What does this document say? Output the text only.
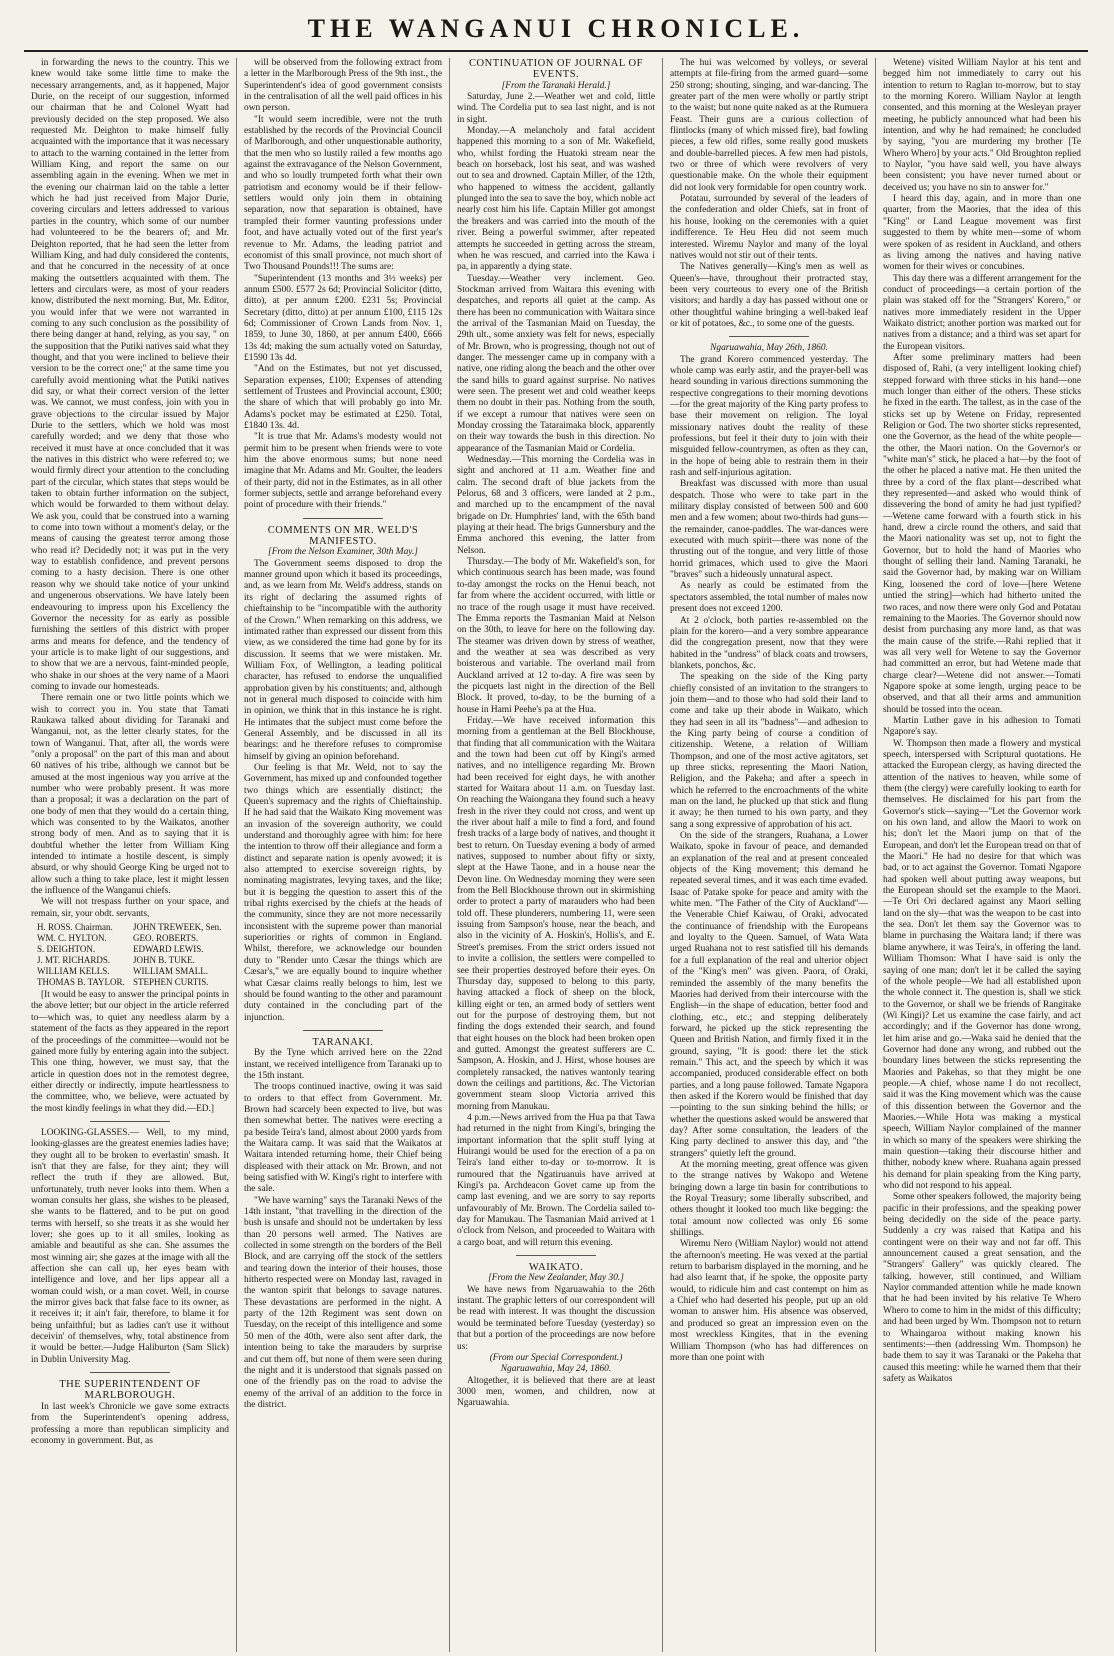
THE WANGANUI CHRONICLE.

in forwarding the news to the country. This we knew would take some little time to make the necessary arrangements, and, as it happened, Major Durie, on the receipt of our suggestion, informed our chairman that he and Colonel Wyatt had previously decided on the step proposed. We also requested Mr. Deighton to make himself fully acquainted with the importance that it was necessary to attach to the warning contained in the letter from William King, and report the same on our assembling again in the evening. When we met in the evening our chairman laid on the table a letter which he had just received from Major Durie, covering circulars and letters addressed to various parties in the country, which some of our number had volunteered to be the bearers of; and Mr. Deighton reported, that he had seen the letter from William King, and had duly considered the contents, and that he concurred in the necessity of at once making the outsettlers acquainted with them. The letters and circulars were, as most of your readers know, distributed the next morning. But, Mr. Editor, you would infer that we were not warranted in coming to any such conclusion as the possibility of there being danger at hand, relying, as you say, " on the supposition that the Putiki natives said what they thought, and that you were inclined to believe their version to be the correct one;" at the same time you carefully avoid mentioning what the Putiki natives did say, or what their correct version of the letter was. We cannot, we must confess, join with you in grave objections to the circular issued by Major Durie to the settlers, which we hold was most carefully worded; and we deny that those who received it must have at once concluded that it was the natives in this district who were referred to; we would firmly direct your attention to the concluding part of the circular, which states that steps would be taken to obtain further information on the subject, which would be forwarded to them without delay. We ask you, could that be construed into a warning to come into town without a moment's delay, or the means of causing the greatest terror among those who read it? Decidedly not; it was put in the very way to establish confidence, and prevent persons coming to a hasty decision. There is one other reason why we should take notice of your unkind and ungenerous observations. We have lately been endeavouring to impress upon his Excellency the Governor the necessity for as early as possible furnishing the settlers of this district with proper arms and means for defence, and the tendency of your article is to make light of our suggestions, and to show that we are a nervous, faint-minded people, who shake in our shoes at the very name of a Maori coming to invade our homesteads.

There remain one or two little points which we wish to correct you in. You state that Tamati Raukawa talked about dividing for Taranaki and Wanganui, not, as the letter clearly states, for the town of Wanganui. That, after all, the words were "only a proposal" on the part of this man and about 60 natives of his tribe, although we cannot but be amused at the most ingenious way you arrive at the number who were probably present. It was more than a proposal; it was a declaration on the part of one body of men that they would do a certain thing, which was consented to by the Waikatos, another strong body of men. And as to saying that it is doubtful whether the letter from William King intended to intimate a hostile descent, is simply absurd, or why should George King be urged not to allow such a thing to take place, lest it might lessen the influence of the Wanganui chiefs.

We will not trespass further on your space, and remain, sir, your obdt. servants,

H. ROSS. Chairman.	JOHN TREWEEK, Sen.
WM. C. HYLTON.	GEO. ROBERTS.
S. DEIGHTON.	EDWARD LEWIS.
J. MT. RICHARDS.	JOHN B. TUKE.
WILLIAM KELLS.	WILLIAM SMALL.
THOMAS B. TAYLOR. STEPHEN CURTIS.

[It would be easy to answer the principal points in the above letter; but our object in the article referred to—which was, to quiet any needless alarm by a statement of the facts as they appeared in the report of the proceedings of the committee—would not be gained more fully by entering again into the subject. This one thing, however, we must say, that the article in question does not in the remotest degree, either directly or indirectly, impute heartlessness to the committee, who, we believe, were actuated by the most kindly feelings in what they did.—ED.]

LOOKING-GLASSES.— Well, to my mind, looking-glasses are the greatest enemies ladies have; they ought all to be broken to everlastin' smash. It isn't that they are false, for they aint; they will reflect the truth if they are allowed. But, unfortunately, truth never looks into them. When a woman consults her glass, she wishes to be pleased, she wants to be flattered, and to be put on good terms with herself, so she treats it as she would her lover; she goes up to it all smiles, looking as amiable and beautiful as she can. She assumes the most winning air; she gazes at the image with all the affection she can call up, her eyes beam with intelligence and love, and her lips appear all a woman could wish, or a man covet. Well, in course the mirror gives back that false face to its owner, as it receives it; it ain't fair, therefore, to blame it for being unfaithful; but as ladies can't use it without deceivin' of themselves, why, total abstinence from it would be better.—Judge Haliburton (Sam Slick) in Dublin University Mag.

THE SUPERINTENDENT OF MARLBOROUGH.

In last week's Chronicle we gave some extracts from the Superintendent's opening address, professing a more than republican simplicity and economy in government. But, as

will be observed from the following extract from a letter in the Marlborough Press of the 9th inst., the Superintendent's idea of good government consists in the centralisation of all the well paid offices in his own person.

"It would seem incredible, were not the truth established by the records of the Provincial Council of Marlborough, and other unquestionable authority, that the men who so lustily railed a few months ago against the extravagance of the Nelson Government, and who so loudly trumpeted forth what their own patriotism and economy would be if their fellow-settlers would only join them in obtaining separation, now that separation is obtained, have trampled their former vaunting professions under foot, and have actually voted out of the first year's revenue to Mr. Adams, the leading patriot and economist of this small province, not much short of Two Thousand Pounds!!! The sums are:

"Superintendent (13 months and 3½ weeks) per annum £500. £577 2s 6d; Provincial Solicitor (ditto, ditto), at per annum £200. £231 5s; Provincial Secretary (ditto, ditto) at per annum £100, £115 12s 6d; Commissioner of Crown Lands from Nov. 1, 1859, to June 30, 1860, at per annum £400, £666 13s 4d; making the sum actually voted on Saturday, £1590 13s 4d.

"And on the Estimates, but not yet discussed, Separation expenses, £100; Expenses of attending settlement of Trustees and Provincial account, £300; the share of which that will probably go into Mr. Adams's pocket may be estimated at £250. Total, £1840 13s. 4d.

"It is true that Mr. Adams's modesty would not permit him to be present when friends were to vote him the above enormous sums; but none need imagine that Mr. Adams and Mr. Goulter, the leaders of their party, did not in the Estimates, as in all other former subjects, settle and arrange beforehand every point of procedure with their friends."

COMMENTS ON MR. WELD'S MANIFESTO.

[From the Nelson Examiner, 30th May.]

The Government seems disposed to drop the manner ground upon which it based its proceedings, and, as we learn from Mr. Weld's address, stands on its right of declaring the assumed rights of chieftainship to be "incompatible with the authority of the Crown." When remarking on this address, we intimated rather than expressed our dissent from this view, as we considered the time had gone by for its discussion. It seems that we were mistaken. Mr. William Fox, of Wellington, a leading political character, has refused to endorse the unqualified approbation given by his constituents; and, although not in general much disposed to coincide with him in opinion, we think that in this instance he is right. He intimates that the subject must come before the General Assembly, and be discussed in all its bearings: and he therefore refuses to compromise himself by giving an opinion beforehand.

Our feeling is that Mr. Weld, not to say the Government, has mixed up and confounded together two things which are essentially distinct; the Queen's supremacy and the rights of Chieftainship. If he had said that the Waikato King movement was an invasion of the sovereign authority, we could understand and thoroughly agree with him: for here the intention to throw off their allegiance and form a distinct and separate nation is openly avowed; it is also attempted to exercise sovereign rights, by nominating magistrates, levying taxes, and the like; but it is begging the question to assert this of the tribal rights exercised by the chiefs at the heads of the community, since they are not more necessarily inconsistent with the supreme power than manorial superiorities or rights of common in England. Whilst, therefore, we acknowledge our bounden duty to "Render unto Cæsar the things which are Cæsar's," we are equally bound to inquire whether what Cæsar claims really belongs to him, lest we should be found wanting to the other and paramount duty contained in the concluding part of the injunction.

TARANAKI.

By the Tyne which arrived here on the 22nd instant, we received intelligence from Taranaki up to the 15th instant.

The troops continued inactive, owing it was said to orders to that effect from Government. Mr. Brown had scarcely been expected to live, but was then somewhat better. The natives were erecting a pa beside Teira's land, almost about 2000 yards from the Waitara camp. It was said that the Waikatos at Waitara intended returning home, their Chief being displeased with their attack on Mr. Brown, and not being satisfied with W. Kingi's right to interfere with the sale.

"We have warning" says the Taranaki News of the 14th instant, "that travelling in the direction of the bush is unsafe and should not be undertaken by less than 20 persons well armed. The Natives are collected in some strength on the borders of the Bell Block, and are carrying off the stock of the settlers and tearing down the interior of their houses, those hitherto respected were on Monday last, ravaged in the wanton spirit that belongs to savage natures. These devastations are performed in the night. A party of the 12th Regiment was sent down on Tuesday, on the receipt of this intelligence and some 50 men of the 40th, were also sent after dark, the intention being to take the marauders by surprise and cut them off, but none of them were seen during the night and it is understood that signals passed on one of the friendly pas on the road to advise the enemy of the arrival of an addition to the force in the district.

CONTINUATION OF JOURNAL OF EVENTS.

[From the Taranaki Herald.]

Saturday, June 2.—Weather wet and cold, little wind. The Cordelia put to sea last night, and is not in sight.

Monday.—A melancholy and fatal accident happened this morning to a son of Mr. Wakefield, who, whilst fording the Huatoki stream near the beach on horseback, lost his seat, and was washed out to sea and drowned. Captain Miller, of the 12th, who happened to witness the accident, gallantly plunged into the sea to save the boy, which noble act nearly cost him his life. Captain Miller got amongst the breakers and was carried into the mouth of the river. Being a powerful swimmer, after repeated attempts he succeeded in getting across the stream, when he was rescued, and carried into the Kawa i pa, in apparently a dying state.

Tuesday.—Weather very inclement. Geo. Stockman arrived from Waitara this evening with despatches, and reports all quiet at the camp. As there has been no communication with Waitara since the arrival of the Tasmanian Maid on Tuesday, the 29th ult., some anxiety was felt for news, especially of Mr. Brown, who is progressing, though not out of danger. The messenger came up in company with a native, one riding along the beach and the other over the sand hills to guard against surprise. No natives were seen. The present wet and cold weather keeps them no doubt in their pas. Nothing from the south, if we except a rumour that natives were seen on Monday crossing the Tataraimaka block, apparently on their way towards the bush in this direction. No appearance of the Tasmanian Maid or Cordelia.

Wednesday.—This morning the Cordelia was in sight and anchored at 11 a.m. Weather fine and calm. The second draft of blue jackets from the Pelorus, 68 and 3 officers, were landed at 2 p.m., and marched up to the encampment of the naval brigade on Dr. Humphries' land, with the 65th band playing at their head. The brigs Gunnersbury and the Emma anchored this evening, the latter from Nelson.

Thursday.—The body of Mr. Wakefield's son, for which continuous search has been made, was found to-day amongst the rocks on the Henui beach, not far from where the accident occurred, with little or no trace of the rough usage it must have received. The Emma reports the Tasmanian Maid at Nelson on the 30th, to leave for here on the following day. The steamer was driven down by stress of weather, and the weather at sea was described as very boisterous and variable. The overland mail from Auckland arrived at 12 to-day. A fire was seen by the picquets last night in the direction of the Bell Block. It proved, to-day, to be the burning of a house in Hami Peehe's pa at the Hua.

Friday.—We have received information this morning from a gentleman at the Bell Blockhouse, that finding that all communication with the Waitara and the town had been cut off by Kingi's armed natives, and no intelligence regarding Mr. Brown had been received for eight days, he with another started for Waitara about 11 a.m. on Tuesday last. On reaching the Waiongana they found such a heavy fresh in the river they could not cross, and went up the river about half a mile to find a ford, and found fresh tracks of a large body of natives, and thought it best to return. On Tuesday evening a body of armed natives, supposed to number about fifty or sixty, slept at the Hawe Taone, and in a house near the Devon line. On Wednesday morning they were seen from the Bell Blockhouse thrown out in skirmishing order to protect a party of marauders who had been told off. These plunderers, numbering 11, were seen issuing from Sampson's house, near the beach, and also in the vicinity of A. Hoskin's, Hollis's, and E. Street's premises. From the strict orders issued not to invite a collision, the settlers were compelled to see their properties destroyed before their eyes. On Thursday day, supposed to belong to this party, having attacked a flock of sheep on the block, killing eight or ten, an armed body of settlers went out for the purpose of destroying them, but not finding the dogs extended their search, and found that eight houses on the block had been broken open and gutted. Amongst the greatest sufferers are C. Sampson, A. Hoskin, and J. Hirst, whose houses are completely ransacked, the natives wantonly tearing down the ceilings and partitions, &c. The Victorian government steam sloop Victoria arrived this morning from Manukau.

4 p.m.—News arrived from the Hua pa that Tawa had returned in the night from Kingi's, bringing the important information that the split stuff lying at Huirangi would be used for the erection of a pa on Teira's land either to-day or to-morrow. It is rumoured that the Ngatiruanuis have arrived at Kingi's pa. Archdeacon Govet came up from the camp last evening, and we are sorry to say reports unfavourably of Mr. Brown. The Cordelia sailed to-day for Manukau. The Tasmanian Maid arrived at 1 o'clock from Nelson, and proceeded to Waitara with a cargo boat, and will return this evening.

WAIKATO.

[From the New Zealander, May 30.]

We have news from Ngaruawahia to the 26th instant. The graphic letters of our correspondent will be read with interest. It was thought the discussion would be terminated before Tuesday (yesterday) so that but a portion of the proceedings are now before us:

(From our Special Correspondent.)

Ngaruawahia, May 24, 1860.

Altogether, it is believed that there are at least 3000 men, women, and children, now at Ngaruawahia.

The hui was welcomed by volleys, or several attempts at file-firing from the armed guard—some 250 strong; shouting, singing, and war-dancing. The greater part of the men were wholly or partly stript to the waist; but none quite naked as at the Rumuera Feast. Their guns are a curious collection of flintlocks (many of which missed fire), bad fowling pieces, a few old rifles, some really good muskets and double-barrelled pieces. A few men had pistols, two or three of which were revolvers of very questionable make. On the whole their equipment did not look very formidable for open country work.

Potatau, surrounded by several of the leaders of the confederation and older Chiefs, sat in front of his house, looking on the ceremonies with a quiet indifference. Te Heu Heu did not seem much interested. Wiremu Naylor and many of the loyal natives would not stir out of their tents.

The Natives generally—King's men as well as Queen's—have, throughout their protracted stay, been very courteous to every one of the British visitors; and hardly a day has passed without one or other thoughtful wahine bringing a well-baked leaf or kit of potatoes, &c., to some one of the guests.

Ngaruawahia, May 26th, 1860.

The grand Korero commenced yesterday. The whole camp was early astir, and the prayer-bell was heard sounding in various directions summoning the respective congregations to their morning devotions—for the great majority of the King party profess to base their movement on religion. The loyal missionary natives doubt the reality of these professions, but feel it their duty to join with their misguided fellow-countrymen, as often as they can, in the hope of being able to restrain them in their rash and self-injurious agitation.

Breakfast was discussed with more than usual despatch. Those who were to take part in the military display consisted of between 500 and 600 men and a few women; about two-thirds had guns—the remainder, canoe-paddles. The war-dances were executed with much spirit—there was none of the thrusting out of the tongue, and very little of those horrid grimaces, which used to give the Maori "braves" such a hideously unnatural aspect.

As nearly as could be estimated from the spectators assembled, the total number of males now present does not exceed 1200.

At 2 o'clock, both parties re-assembled on the plain for the korero—and a very sombre appearance did the congregation present, now that they were habited in the "undress" of black coats and trowsers, blankets, ponchos, &c.

The speaking on the side of the King party chiefly consisted of an invitation to the strangers to join them—and to those who had sold their land to come and take up their abode in Waikato, which they had seen in all its "badness"—and adhesion to the King party being of course a condition of citizenship. Wetene, a relation of William Thompson, and one of the most active agitators, set up three sticks, representing the Maori Nation, Religion, and the Pakeha; and after a speech in which he referred to the encroachments of the white man on the land, he plucked up that stick and flung it away; he then turned to his own party, and they sang a song expressive of approbation of his act.

On the side of the strangers, Ruahana, a Lower Waikato, spoke in favour of peace, and demanded an explanation of the real and at present concealed objects of the King movement; this demand he repeated several times, and it was each time evaded. Isaac of Patake spoke for peace and amity with the white men. "The Father of the City of Auckland"—the Venerable Chief Kaiwau, of Oraki, advocated the continuance of friendship with the Europeans and loyalty to the Queen. Samuel, of Wata Wata urged Ruahana not to rest satisfied till his demands for a full explanation of the real and ulterior object of the "King's men" was given. Paora, of Oraki, reminded the assembly of the many benefits the Maories had derived from their intercourse with the English—in the shape of education, better food and clothing, etc., etc.; and stepping deliberately forward, he picked up the stick representing the Queen and British Nation, and firmly fixed it in the ground, saying, "It is good: there let the stick remain." This act, and the speech by which it was accompanied, produced considerable effect on both parties, and a long pause followed. Tamate Ngapora then asked if the Korero would be finished that day—pointing to the sun sinking behind the hills; or whether the questions asked would be answered that day? After some consultation, the leaders of the King party declined to answer this day, and "the strangers" quietly left the ground.

At the morning meeting, great offence was given to the strange natives by Wakopo and Wetene bringing down a large tin basin for contributions to the Royal Treasury; some liberally subscribed, and others thought it looked too much like begging: the total amount now collected was only £6 some shillings.

Wiremu Nero (William Naylor) would not attend the afternoon's meeting. He was vexed at the partial return to barbarism displayed in the morning, and he had also learnt that, if he spoke, the opposite party would, to ridicule him and cast contempt on him as a Chief who had deserted his people, put up an old woman to answer him. His absence was observed, and produced so great an impression even on the most wreckless Kingites, that in the evening William Thompson (who has had differences on more than one point with

Wetene) visited William Naylor at his tent and begged him not immediately to carry out his intention to return to Raglan to-morrow, but to stay to the morning Korero. William Naylor at length consented, and this morning at the Wesleyan prayer meeting, he publicly announced what had been his intention, and why he had remained; he concluded by saying, "you are murdering my brother [Te Whero Whero] by your acts." Old Broughton replied to Naylor, "you have said well, you have always been consistent; you have never turned about or deceived us; you have no sin to answer for."

I heard this day, again, and in more than one quarter, from the Maories, that the idea of this "King" or Land League movement was first suggested to them by white men—some of whom were spoken of as resident in Auckland, and others as living among the natives and having native women for their wives or concubines.

This day there was a different arrangement for the conduct of proceedings—a certain portion of the plain was staked off for the "Strangers' Korero," or natives more immediately resident in the Upper Waikato district; another portion was marked out for natives from a distance; and a third was set apart for the European visitors.

After some preliminary matters had been disposed of, Rahi, (a very intelligent looking chief) stepped forward with three sticks in his hand—one much longer than either of the others. These sticks he fixed in the earth. The tallest, as in the case of the sticks set up by Wetene on Friday, represented Religion or God. The two shorter sticks represented, one the Governor, as the head of the white people—the other, the Maori nation. On the Governor's or "white man's" stick, he placed a hat—by the foot of the other he placed a native mat. He then united the three by a cord of the flax plant—described what they represented—and asked who would think of dissevering the bond of amity he had just typified?—Wetene came forward with a fourth stick in his hand, drew a circle round the others, and said that the Maori nationality was set up, not to fight the Governor, but to hold the hand of Maories who thought of selling their land. Naming Taranaki, he said the Governor had, by making war on William King, loosened the cord of love—[here Wetene untied the string]—which had hitherto united the two races, and now there were only God and Potatau remaining to the Maories. The Governor should now desist from purchasing any more land, as that was the main cause of the strife.—Rahi replied that it was all very well for Wetene to say the Governor had committed an error, but had Wetene made that charge clear?—Wetene did not answer.—Tomati Ngapore spoke at some length, urging peace to be observed, and that all their arms and ammunition should be tossed into the ocean.

Martin Luther gave in his adhesion to Tomati Ngapore's say.

W. Thompson then made a flowery and mystical speech, interspersed with Scriptural quotations. He attacked the European clergy, as having directed the attention of the natives to heaven, while some of them (the clergy) were carefully looking to earth for themselves. He disclaimed for his part from the Governor's stick—saying—"Let the Governor work on his own land, and allow the Maori to work on his; don't let the Maori jump on that of the European, and don't let the European tread on that of the Maori." He had no desire for that which was bad, or to act against the Governor. Tomati Ngapore had spoken well about putting away weapons, but the European should set the example to the Maori.—Te Ori Ori declared against any Maori selling land on the sly—that was the weapon to be cast into the sea. Don't let them say the Governor was to blame in purchasing the Waitara land; if there was blame anywhere, it was Teira's, in offering the land. William Thomson: What I have said is only the saying of one man; don't let it be called the saying of the whole people—We had all established upon the whole connect it. The question is, shall we stick to the Governor, or shall we be friends of Rangitake (Wi Kingi)? Let us examine the case fairly, and act accordingly; and if the Governor has done wrong, let him arise and go.—Waka said he denied that the Governor had done any wrong, and rubbed out the boundary lines between the sticks representing the Maories and Pakehas, so that they might be one people.—A chief, whose name I do not recollect, said it was the King movement which was the cause of this dissention between the Governor and the Maories.—While Hota was making a mystical speech, William Naylor complained of the manner in which so many of the speakers were shirking the main question—taking their discourse hither and thither, nobody knew where. Ruahana again pressed his demand for plain speaking from the King party, who did not respond to his appeal.

Some other speakers followed, the majority being pacific in their professions, and the speaking power being decidedly on the side of the peace party. Suddenly a cry was raised that Katipa and his contingent were on their way and not far off. This announcement caused a great sensation, and the "Strangers' Gallery" was quickly cleared. The talking, however, still continued, and William Naylor commanded attention while he made known that he had been invited by his relative Te Whero Whero to come to him in the midst of this difficulty; and had been urged by Wm. Thompson not to return to Whaingaroa without making known his sentiments:—then (addressing Wm. Thompson) he bade them to say it was Taranaki or the Pakeha that caused this meeting: while he warned them that their safety as Waikatos
